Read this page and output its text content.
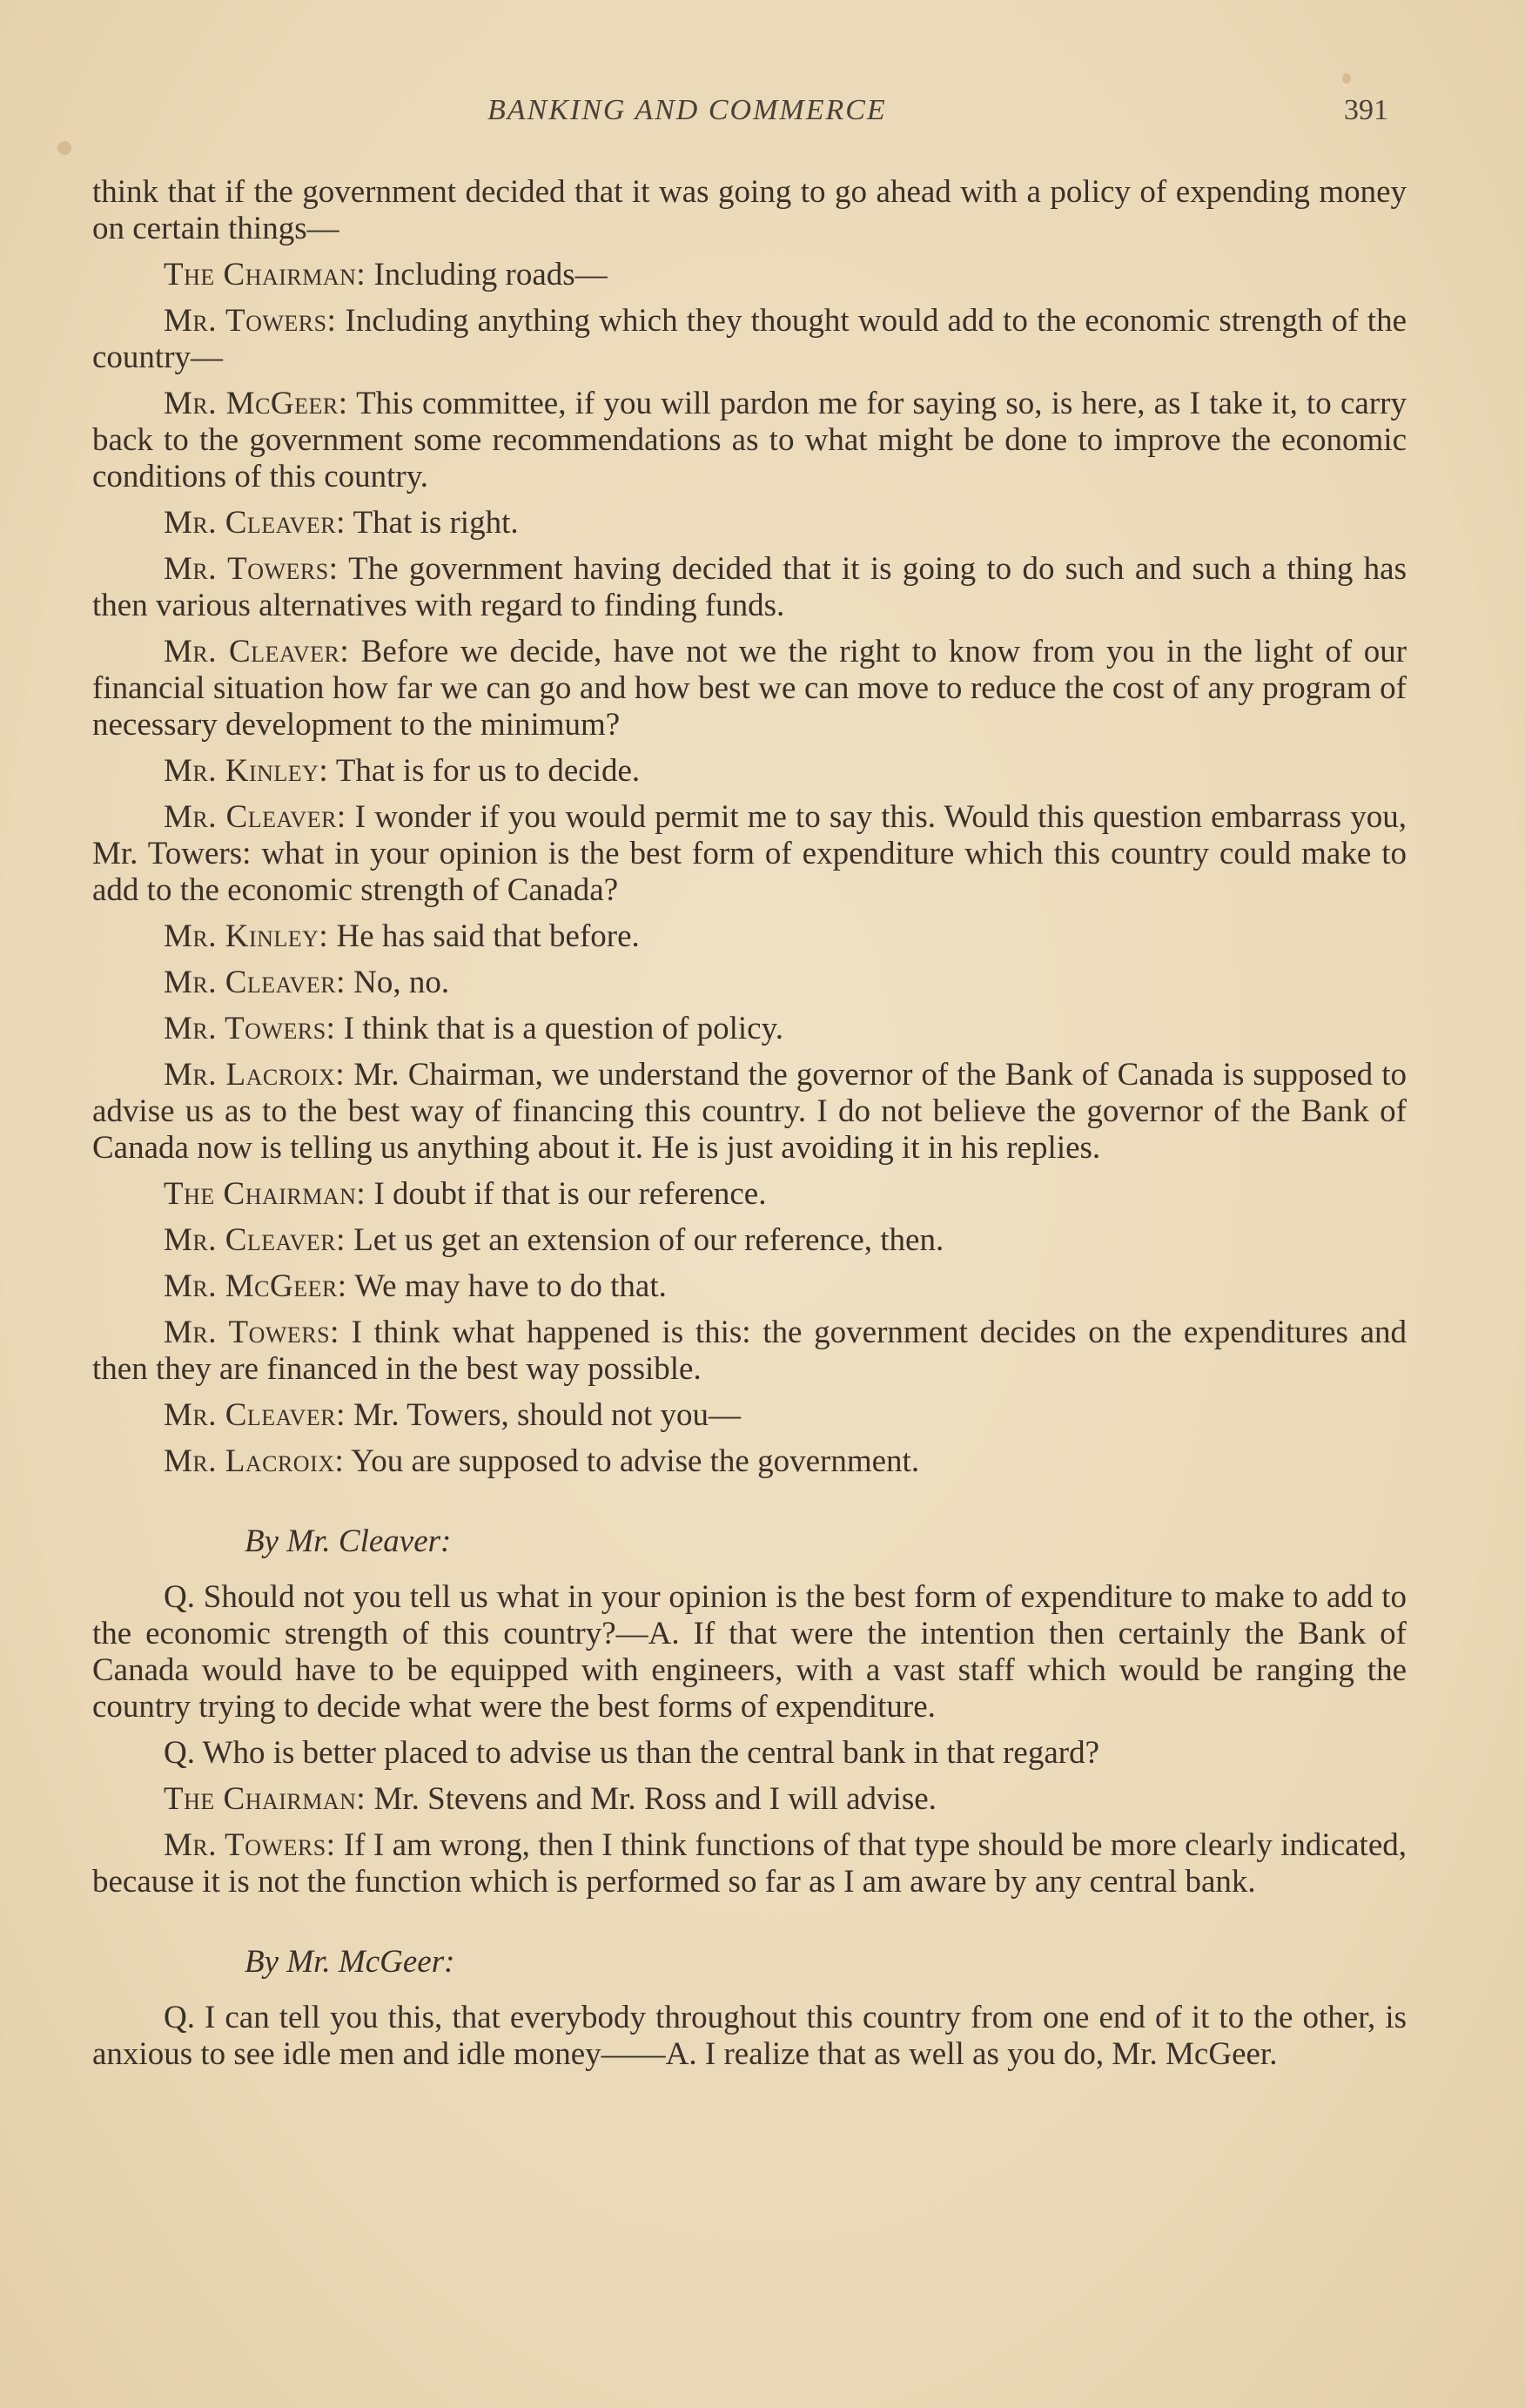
BANKING AND COMMERCE	391

think that if the government decided that it was going to go ahead with a policy of expending money on certain things—

The Chairman: Including roads—

Mr. Towers: Including anything which they thought would add to the economic strength of the country—

Mr. McGeer: This committee, if you will pardon me for saying so, is here, as I take it, to carry back to the government some recommendations as to what might be done to improve the economic conditions of this country.

Mr. Cleaver: That is right.

Mr. Towers: The government having decided that it is going to do such and such a thing has then various alternatives with regard to finding funds.

Mr. Cleaver: Before we decide, have not we the right to know from you in the light of our financial situation how far we can go and how best we can move to reduce the cost of any program of necessary development to the minimum?

Mr. Kinley: That is for us to decide.

Mr. Cleaver: I wonder if you would permit me to say this. Would this question embarrass you, Mr. Towers: what in your opinion is the best form of expenditure which this country could make to add to the economic strength of Canada?

Mr. Kinley: He has said that before.

Mr. Cleaver: No, no.

Mr. Towers: I think that is a question of policy.

Mr. Lacroix: Mr. Chairman, we understand the governor of the Bank of Canada is supposed to advise us as to the best way of financing this country. I do not believe the governor of the Bank of Canada now is telling us anything about it. He is just avoiding it in his replies.

The Chairman: I doubt if that is our reference.

Mr. Cleaver: Let us get an extension of our reference, then.

Mr. McGeer: We may have to do that.

Mr. Towers: I think what happened is this: the government decides on the expenditures and then they are financed in the best way possible.

Mr. Cleaver: Mr. Towers, should not you—

Mr. Lacroix: You are supposed to advise the government.

By Mr. Cleaver:

Q. Should not you tell us what in your opinion is the best form of expenditure to make to add to the economic strength of this country?—A. If that were the intention then certainly the Bank of Canada would have to be equipped with engineers, with a vast staff which would be ranging the country trying to decide what were the best forms of expenditure.

Q. Who is better placed to advise us than the central bank in that regard?

The Chairman: Mr. Stevens and Mr. Ross and I will advise.

Mr. Towers: If I am wrong, then I think functions of that type should be more clearly indicated, because it is not the function which is performed so far as I am aware by any central bank.

By Mr. McGeer:

Q. I can tell you this, that everybody throughout this country from one end of it to the other, is anxious to see idle men and idle money——A. I realize that as well as you do, Mr. McGeer.
